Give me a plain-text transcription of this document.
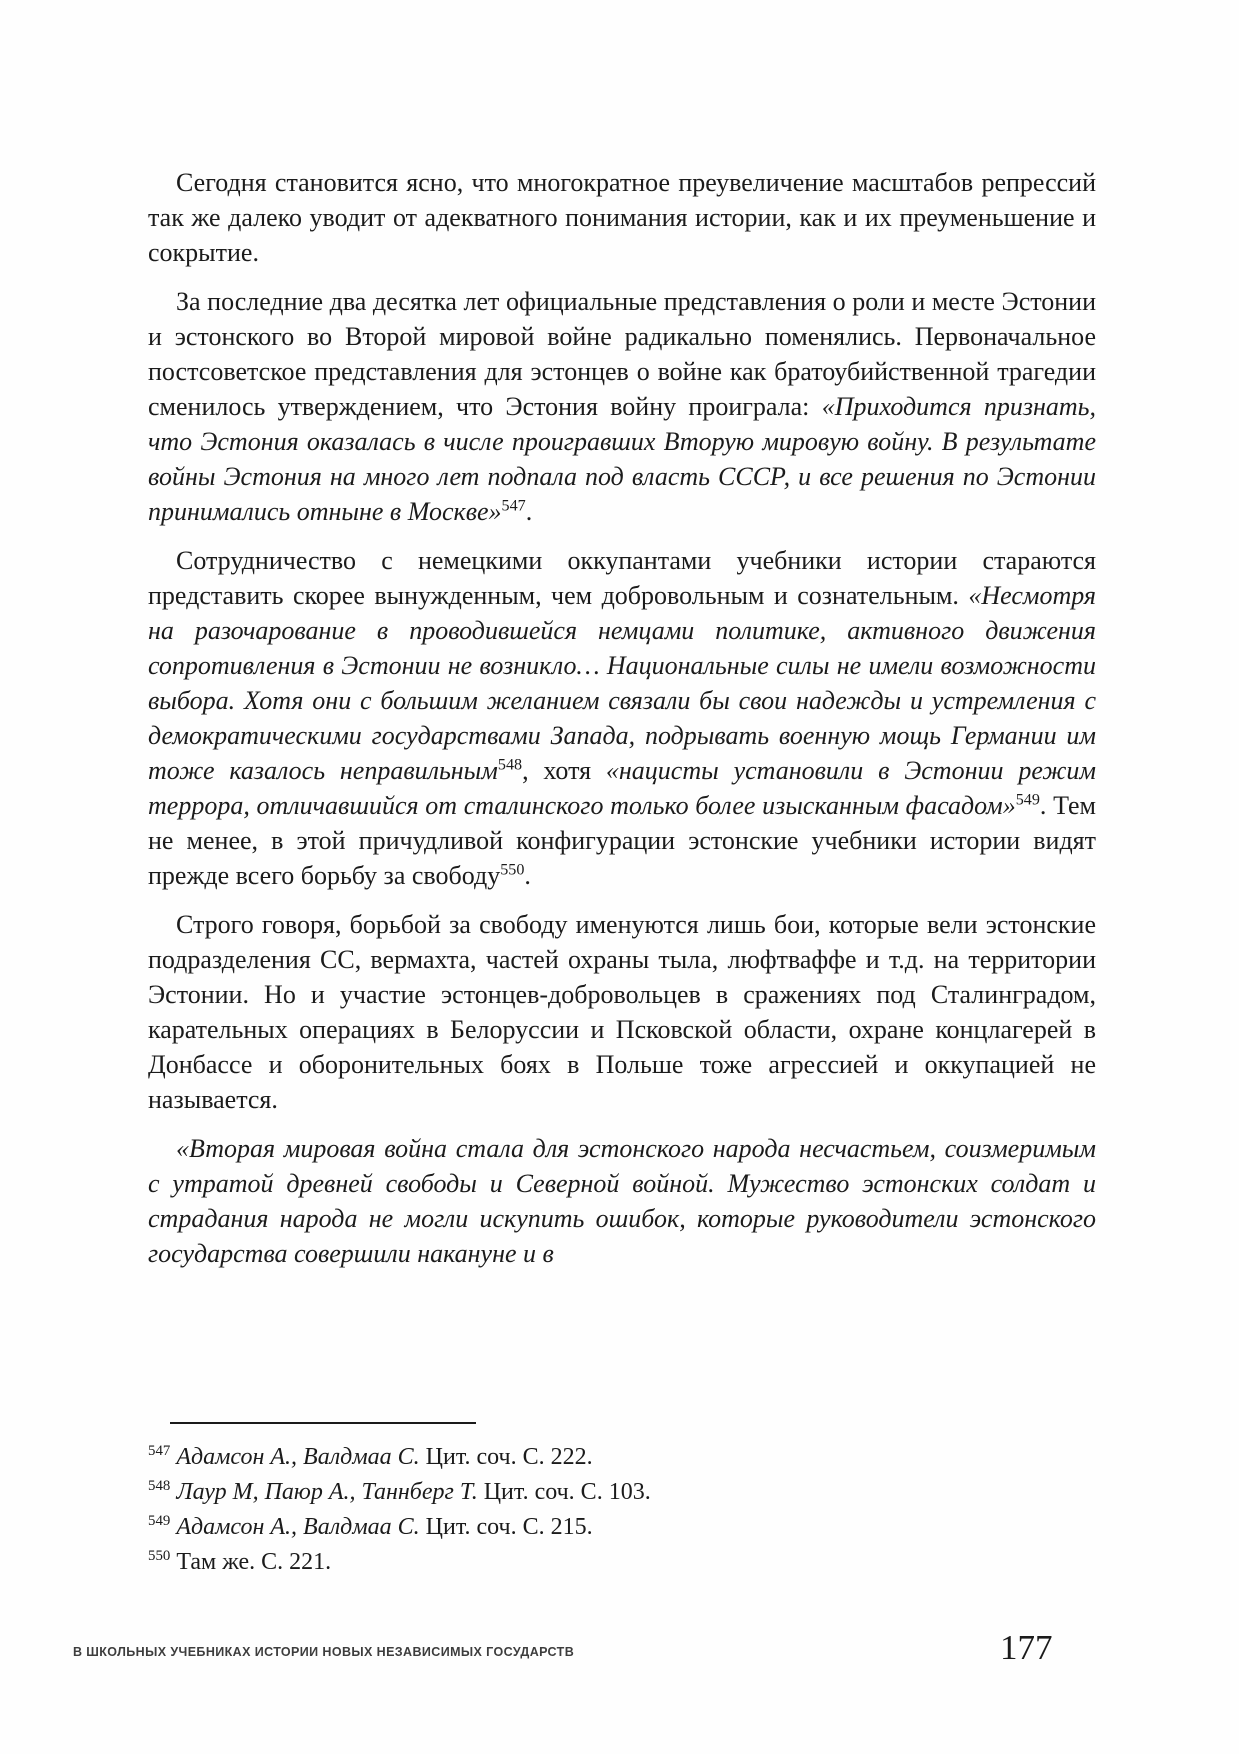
Сегодня становится ясно, что многократное преувеличение масштабов репрессий так же далеко уводит от адекватного понимания истории, как и их преуменьшение и сокрытие.

За последние два десятка лет официальные представления о роли и месте Эстонии и эстонского во Второй мировой войне радикально поменялись. Первоначальное постсоветское представления для эстонцев о войне как братоубийственной трагедии сменилось утверждением, что Эстония войну проиграла: «Приходится признать, что Эстония оказалась в числе проигравших Вторую мировую войну. В результате войны Эстония на много лет подпала под власть СССР, и все решения по Эстонии принимались отныне в Москве»$^{547}$.

Сотрудничество с немецкими оккупантами учебники истории стараются представить скорее вынужденным, чем добровольным и сознательным. «Несмотря на разочарование в проводившейся немцами политике, активного движения сопротивления в Эстонии не возникло… Национальные силы не имели возможности выбора. Хотя они с большим желанием связали бы свои надежды и устремления с демократическими государствами Запада, подрывать военную мощь Германии им тоже казалось неправильным$^{548}$, хотя «нацисты установили в Эстонии режим террора, отличавшийся от сталинского только более изысканным фасадом»$^{549}$. Тем не менее, в этой причудливой конфигурации эстонские учебники истории видят прежде всего борьбу за свободу$^{550}$.

Строго говоря, борьбой за свободу именуются лишь бои, которые вели эстонские подразделения СС, вермахта, частей охраны тыла, люфтваффе и т.д. на территории Эстонии. Но и участие эстонцев-добровольцев в сражениях под Сталинградом, карательных операциях в Белоруссии и Псковской области, охране концлагерей в Донбассе и оборонительных боях в Польше тоже агрессией и оккупацией не называется.

«Вторая мировая война стала для эстонского народа несчастьем, соизмеримым с утратой древней свободы и Северной войной. Мужество эстонских солдат и страдания народа не могли искупить ошибок, которые руководители эстонского государства совершили накануне и в

$^{547}$ Адамсон А., Валдмаа С. Цит. соч. С. 222.

$^{548}$ Лаур М, Паюр А., Таннберг Т. Цит. соч. С. 103.

$^{549}$ Адамсон А., Валдмаа С. Цит. соч. С. 215.

$^{550}$ Там же. С. 221.

В ШКОЛЬНЫХ УЧЕБНИКАХ ИСТОРИИ НОВЫХ НЕЗАВИСИМЫХ ГОСУДАРСТВ	177
